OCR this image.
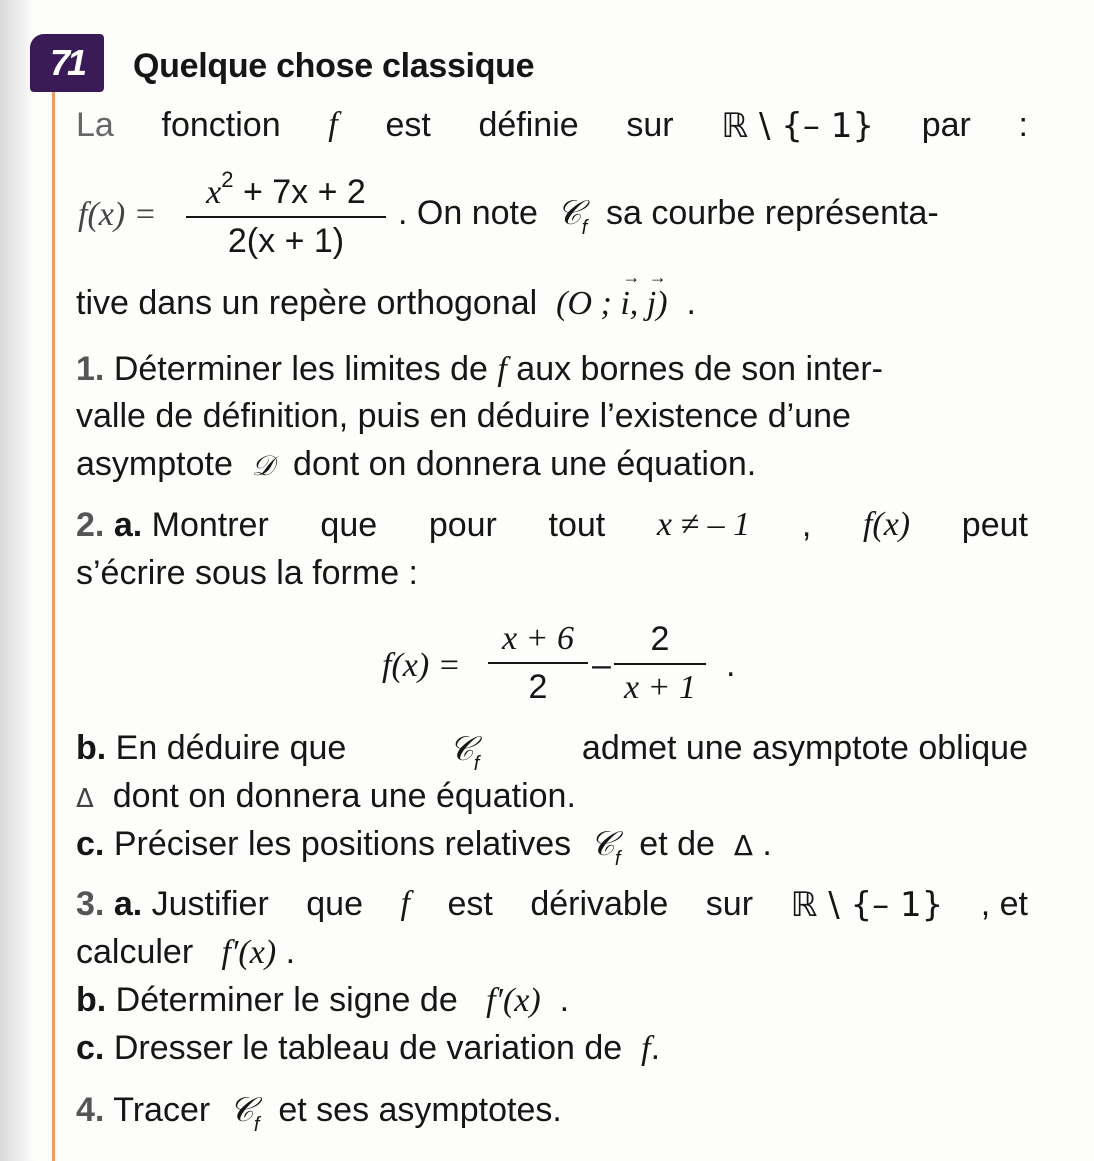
71 Quelque chose classique
La fonction f est définie sur ℝ \ {– 1} par :
f(x) =
$x^2 + 7x + 2$
2(x + 1)
. On note 𝒞$_f$ sa courbe représenta-
tive dans un repère orthogonal (O ; → i, → j) .
1. Déterminer les limites de f aux bornes de son inter-
valle de définition, puis en déduire l’existence d’une
asymptote 𝒟 dont on donnera une équation.
2. a. Montrer que pour tout x ≠ – 1 , f(x) peut
s’écrire sous la forme :
f(x) =
x + 6
2
–
2
x + 1
.
b. En déduire que	𝒞$_f$	admet une asymptote oblique
Δ dont on donnera une équation.
c. Préciser les positions relatives 𝒞$_f$ et de Δ .
3. a. Justifier que f est dérivable sur ℝ \ {– 1} , et
calculer f′(x) .
b. Déterminer le signe de f′(x) .
c. Dresser le tableau de variation de f.
4. Tracer 𝒞$_f$ et ses asymptotes.
